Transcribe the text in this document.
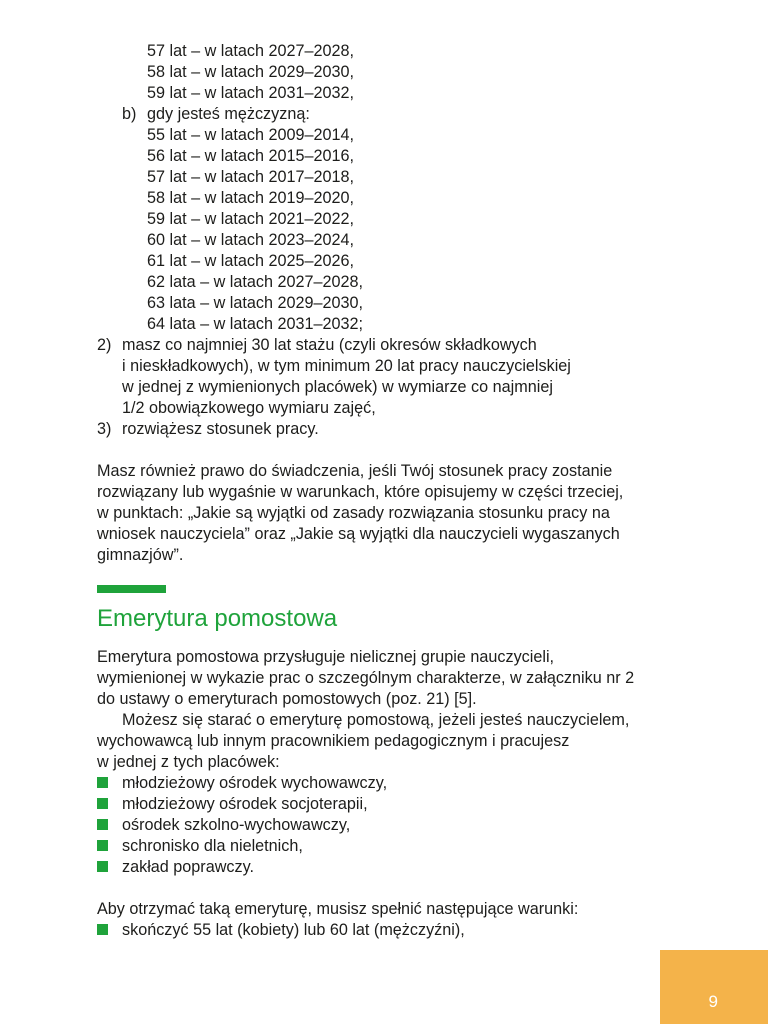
57 lat – w latach 2027–2028,
58 lat – w latach 2029–2030,
59 lat – w latach 2031–2032,
b) gdy jesteś mężczyzną:
55 lat – w latach 2009–2014,
56 lat – w latach 2015–2016,
57 lat – w latach 2017–2018,
58 lat – w latach 2019–2020,
59 lat – w latach 2021–2022,
60 lat – w latach 2023–2024,
61 lat – w latach 2025–2026,
62 lata – w latach 2027–2028,
63 lata – w latach 2029–2030,
64 lata – w latach 2031–2032;
2) masz co najmniej 30 lat stażu (czyli okresów składkowych
i nieskładkowych), w tym minimum 20 lat pracy nauczycielskiej
w jednej z wymienionych placówek) w wymiarze co najmniej
1/2 obowiązkowego wymiaru zajęć,
3) rozwiążesz stosunek pracy.
Masz również prawo do świadczenia, jeśli Twój stosunek pracy zostanie
rozwiązany lub wygaśnie w warunkach, które opisujemy w części trzeciej,
w punktach: „Jakie są wyjątki od zasady rozwiązania stosunku pracy na
wniosek nauczyciela” oraz „Jakie są wyjątki dla nauczycieli wygaszanych
gimnazjów”.
Emerytura pomostowa
Emerytura pomostowa przysługuje nielicznej grupie nauczycieli,
wymienionej w wykazie prac o szczególnym charakterze, w załączniku nr 2
do ustawy o emeryturach pomostowych (poz. 21) [5].
Możesz się starać o emeryturę pomostową, jeżeli jesteś nauczycielem,
wychowawcą lub innym pracownikiem pedagogicznym i pracujesz
w jednej z tych placówek:
młodzieżowy ośrodek wychowawczy,
młodzieżowy ośrodek socjoterapii,
ośrodek szkolno-wychowawczy,
schronisko dla nieletnich,
zakład poprawczy.
Aby otrzymać taką emeryturę, musisz spełnić następujące warunki:
skończyć 55 lat (kobiety) lub 60 lat (mężczyźni),
9
